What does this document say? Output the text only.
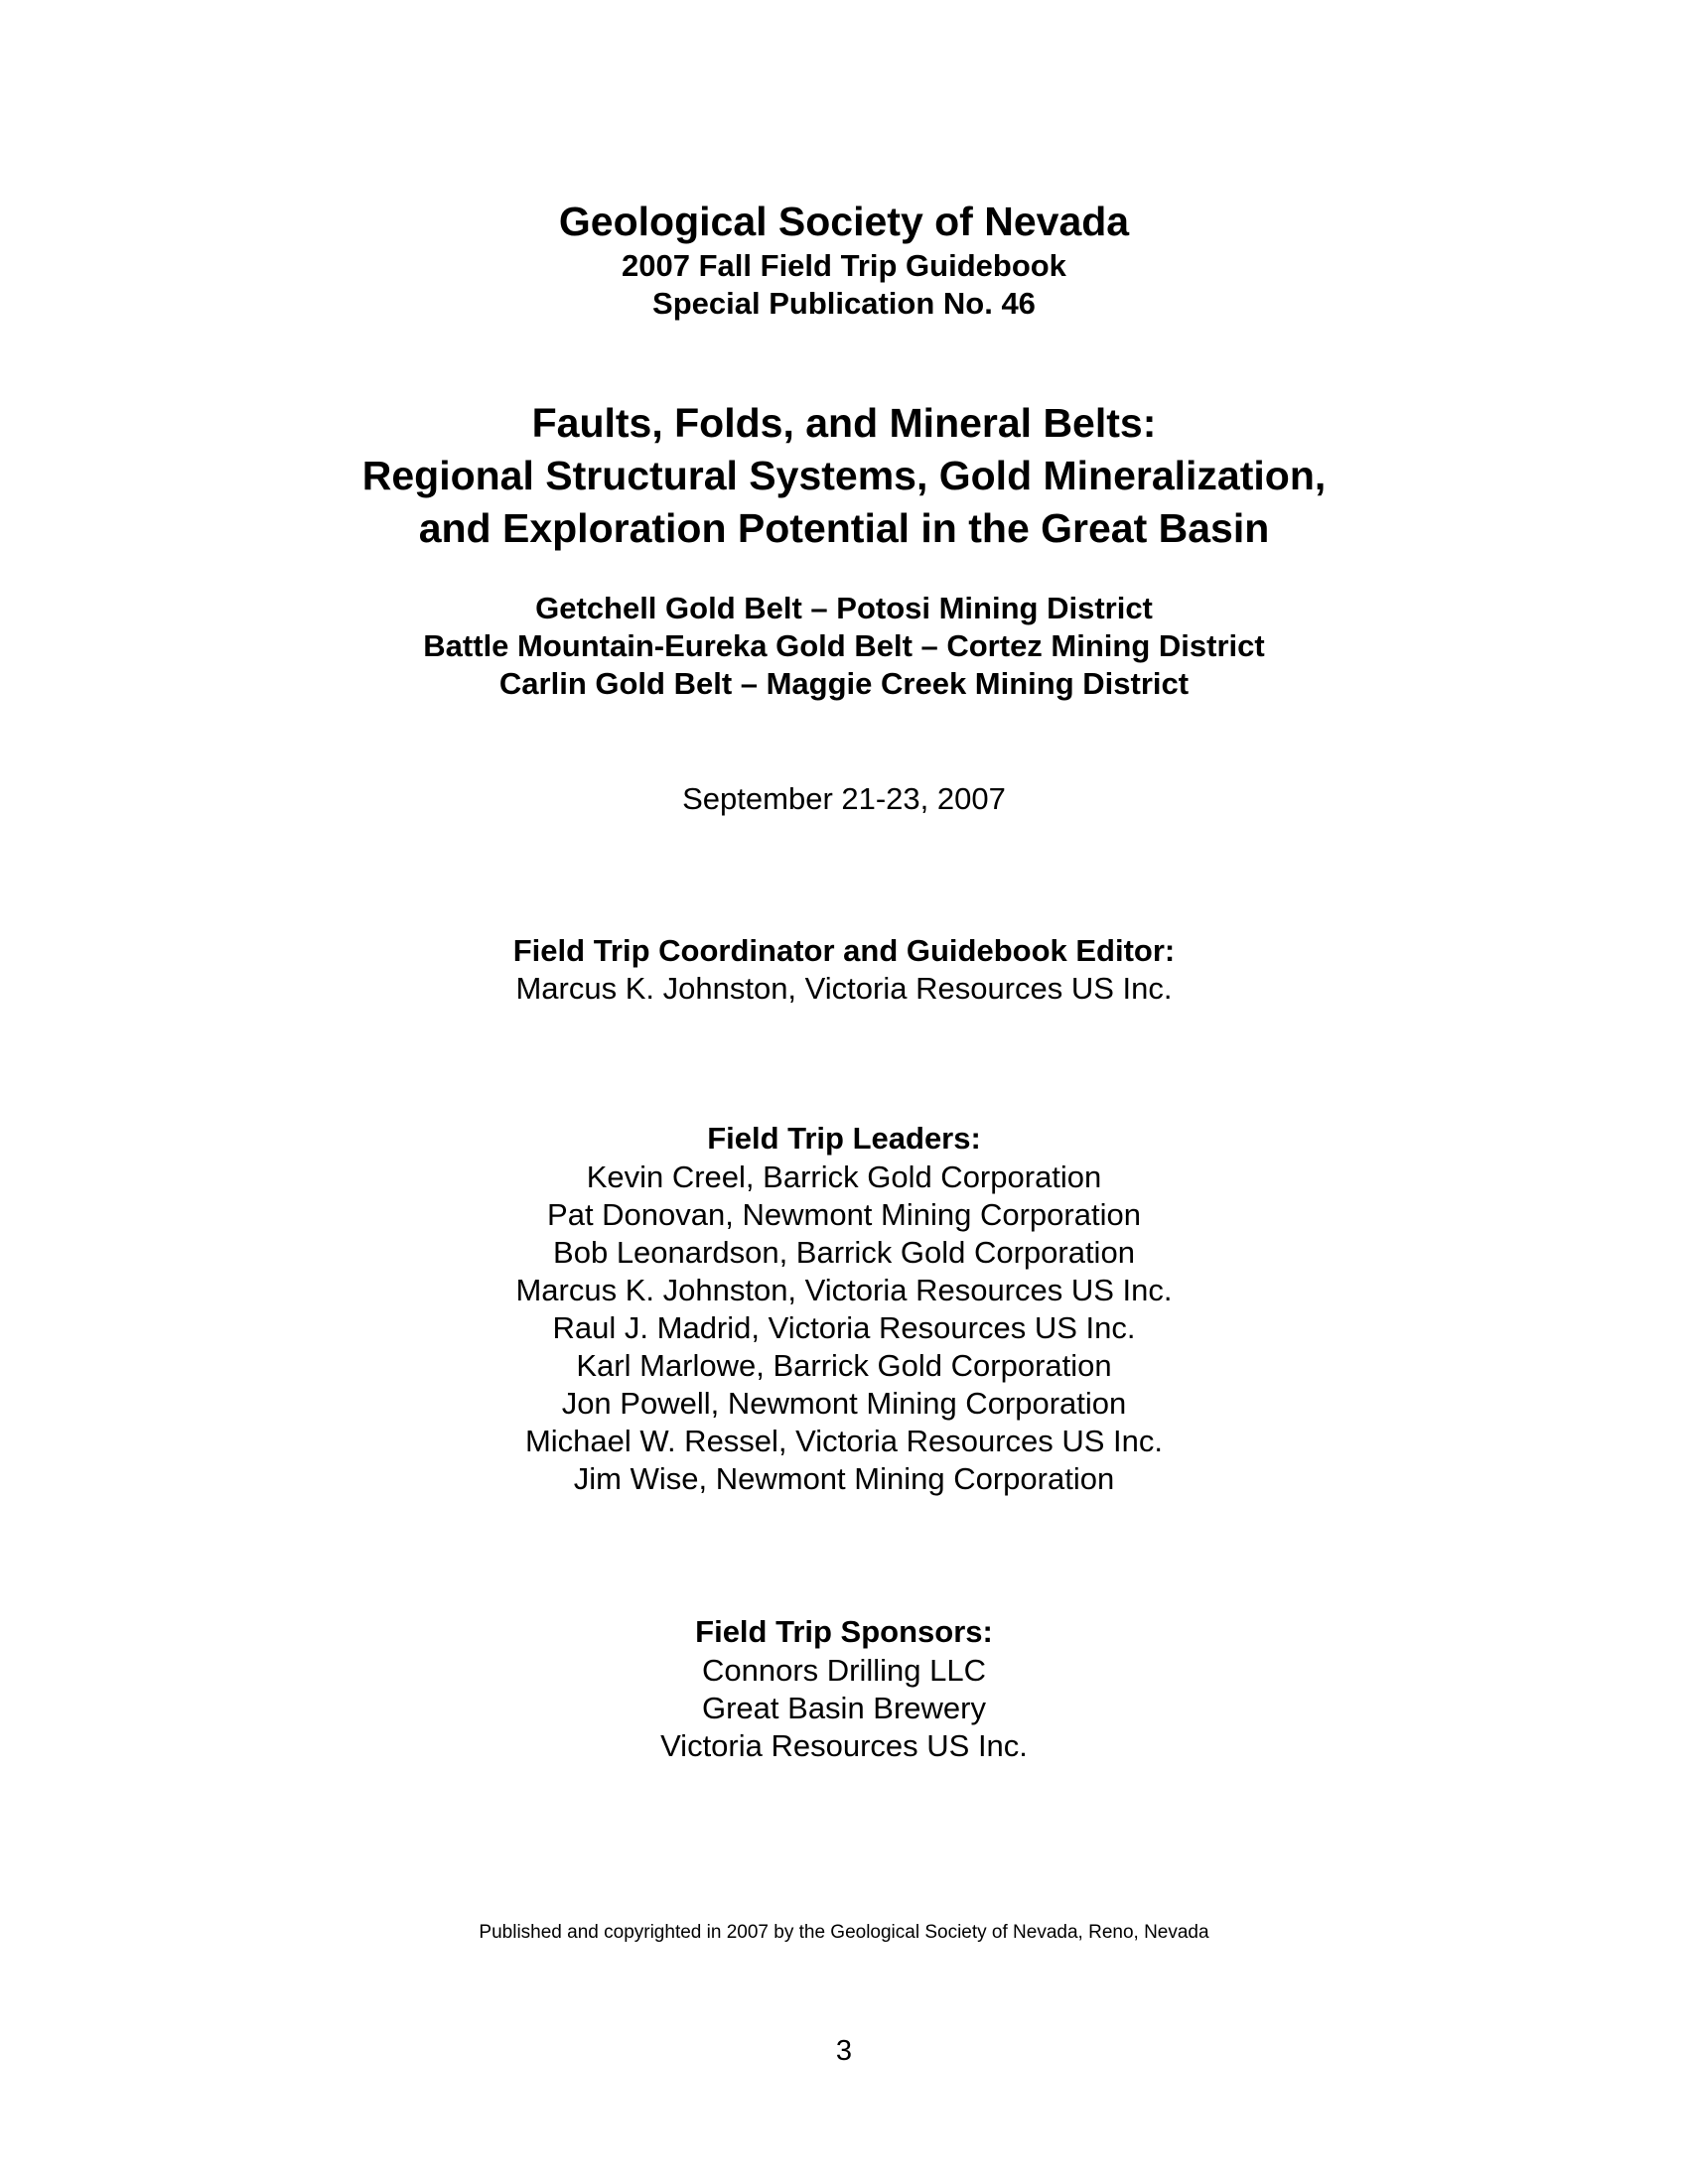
Geological Society of Nevada

2007 Fall Field Trip Guidebook

Special Publication No. 46

Faults, Folds, and Mineral Belts:

Regional Structural Systems, Gold Mineralization,

and Exploration Potential in the Great Basin

Getchell Gold Belt – Potosi Mining District

Battle Mountain-Eureka Gold Belt – Cortez Mining District

Carlin Gold Belt – Maggie Creek Mining District

September 21-23, 2007

Field Trip Coordinator and Guidebook Editor:

Marcus K. Johnston, Victoria Resources US Inc.

Field Trip Leaders:

Kevin Creel, Barrick Gold Corporation
Pat Donovan, Newmont Mining Corporation
Bob Leonardson, Barrick Gold Corporation
Marcus K. Johnston, Victoria Resources US Inc.
Raul J. Madrid, Victoria Resources US Inc.
Karl Marlowe, Barrick Gold Corporation
Jon Powell, Newmont Mining Corporation
Michael W. Ressel, Victoria Resources US Inc.
Jim Wise, Newmont Mining Corporation

Field Trip Sponsors:

Connors Drilling LLC
Great Basin Brewery
Victoria Resources US Inc.

Published and copyrighted in 2007 by the Geological Society of Nevada, Reno, Nevada

3
